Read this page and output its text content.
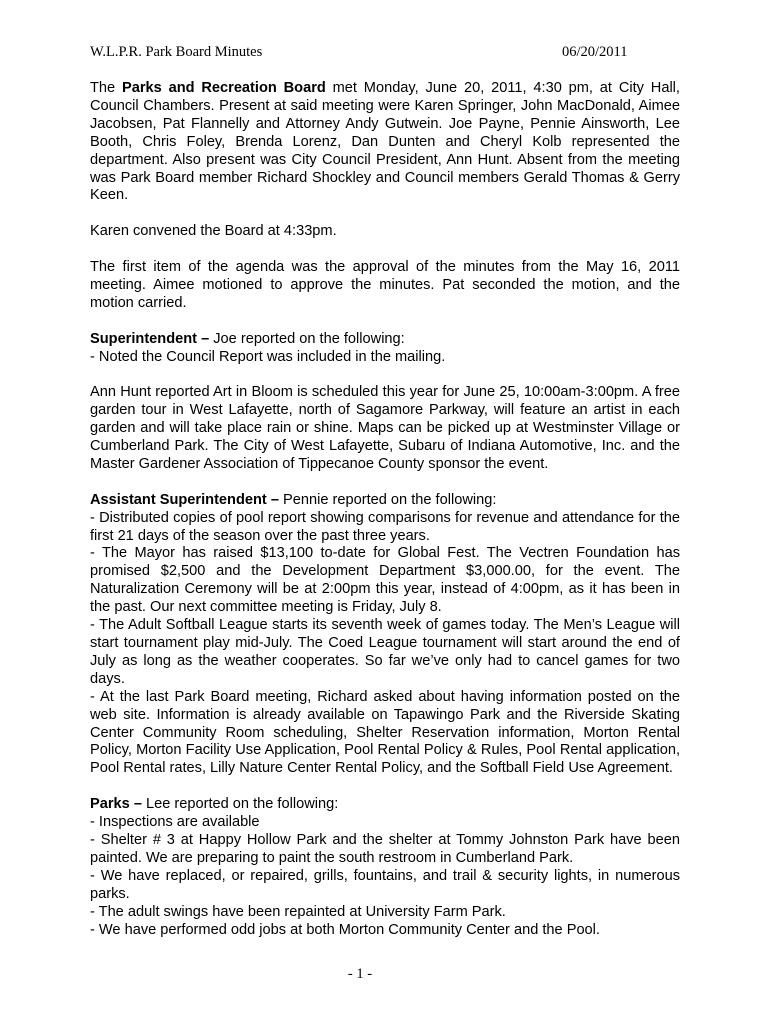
W.L.P.R. Park Board Minutes	06/20/2011

The Parks and Recreation Board met Monday, June 20, 2011, 4:30 pm, at City Hall, Council Chambers. Present at said meeting were Karen Springer, John MacDonald, Aimee Jacobsen, Pat Flannelly and Attorney Andy Gutwein. Joe Payne, Pennie Ainsworth, Lee Booth, Chris Foley, Brenda Lorenz, Dan Dunten and Cheryl Kolb represented the department. Also present was City Council President, Ann Hunt. Absent from the meeting was Park Board member Richard Shockley and Council members Gerald Thomas & Gerry Keen.

Karen convened the Board at 4:33pm.

The first item of the agenda was the approval of the minutes from the May 16, 2011 meeting. Aimee motioned to approve the minutes. Pat seconded the motion, and the motion carried.

Superintendent – Joe reported on the following:

- Noted the Council Report was included in the mailing.

Ann Hunt reported Art in Bloom is scheduled this year for June 25, 10:00am-3:00pm. A free garden tour in West Lafayette, north of Sagamore Parkway, will feature an artist in each garden and will take place rain or shine. Maps can be picked up at Westminster Village or Cumberland Park. The City of West Lafayette, Subaru of Indiana Automotive, Inc. and the Master Gardener Association of Tippecanoe County sponsor the event.

Assistant Superintendent – Pennie reported on the following:

- Distributed copies of pool report showing comparisons for revenue and attendance for the first 21 days of the season over the past three years.

- The Mayor has raised $13,100 to-date for Global Fest. The Vectren Foundation has promised $2,500 and the Development Department $3,000.00, for the event. The Naturalization Ceremony will be at 2:00pm this year, instead of 4:00pm, as it has been in the past. Our next committee meeting is Friday, July 8.

- The Adult Softball League starts its seventh week of games today. The Men’s League will start tournament play mid-July. The Coed League tournament will start around the end of July as long as the weather cooperates. So far we’ve only had to cancel games for two days.

- At the last Park Board meeting, Richard asked about having information posted on the web site. Information is already available on Tapawingo Park and the Riverside Skating Center Community Room scheduling, Shelter Reservation information, Morton Rental Policy, Morton Facility Use Application, Pool Rental Policy & Rules, Pool Rental application, Pool Rental rates, Lilly Nature Center Rental Policy, and the Softball Field Use Agreement.

Parks – Lee reported on the following:

- Inspections are available

- Shelter # 3 at Happy Hollow Park and the shelter at Tommy Johnston Park have been painted. We are preparing to paint the south restroom in Cumberland Park.

- We have replaced, or repaired, grills, fountains, and trail & security lights, in numerous parks.

- The adult swings have been repainted at University Farm Park.

- We have performed odd jobs at both Morton Community Center and the Pool.

- 1 -
